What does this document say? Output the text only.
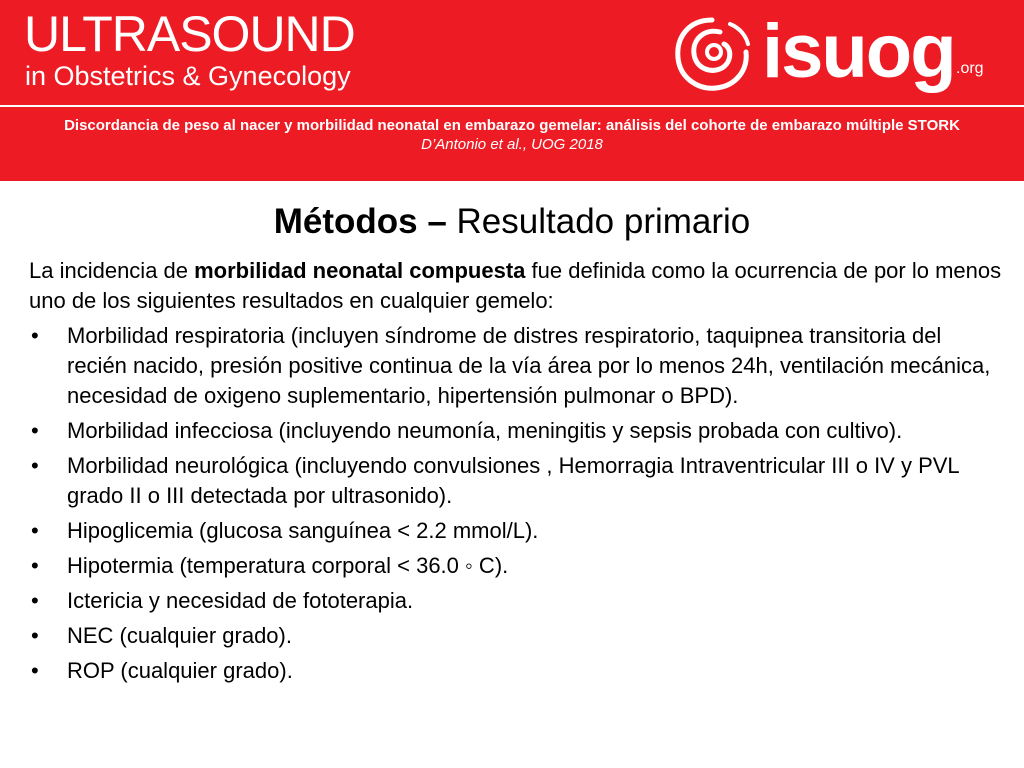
ULTRASOUND
in Obstetrics & Gynecology	isuog .org
Discordancia de peso al nacer y morbilidad neonatal en embarazo gemelar: análisis del cohorte de embarazo múltiple STORK
D’Antonio et al., UOG 2018
Métodos – Resultado primario

La incidencia de morbilidad neonatal compuesta fue definida como la ocurrencia de por lo menos uno de los siguientes resultados en cualquier gemelo:

• Morbilidad respiratoria (incluyen síndrome de distres respiratorio, taquipnea transitoria del recién nacido, presión positive continua de la vía área por lo menos 24h, ventilación mecánica, necesidad de oxigeno suplementario, hipertensión pulmonar o BPD).
• Morbilidad infecciosa (incluyendo neumonía, meningitis y sepsis probada con cultivo).
• Morbilidad neurológica (incluyendo convulsiones , Hemorragia Intraventricular III o IV y PVL grado II o III detectada por ultrasonido).
• Hipoglicemia (glucosa sanguínea < 2.2 mmol/L).
• Hipotermia (temperatura corporal < 36.0 ◦ C).
• Ictericia y necesidad de fototerapia.
• NEC (cualquier grado).
• ROP (cualquier grado).
